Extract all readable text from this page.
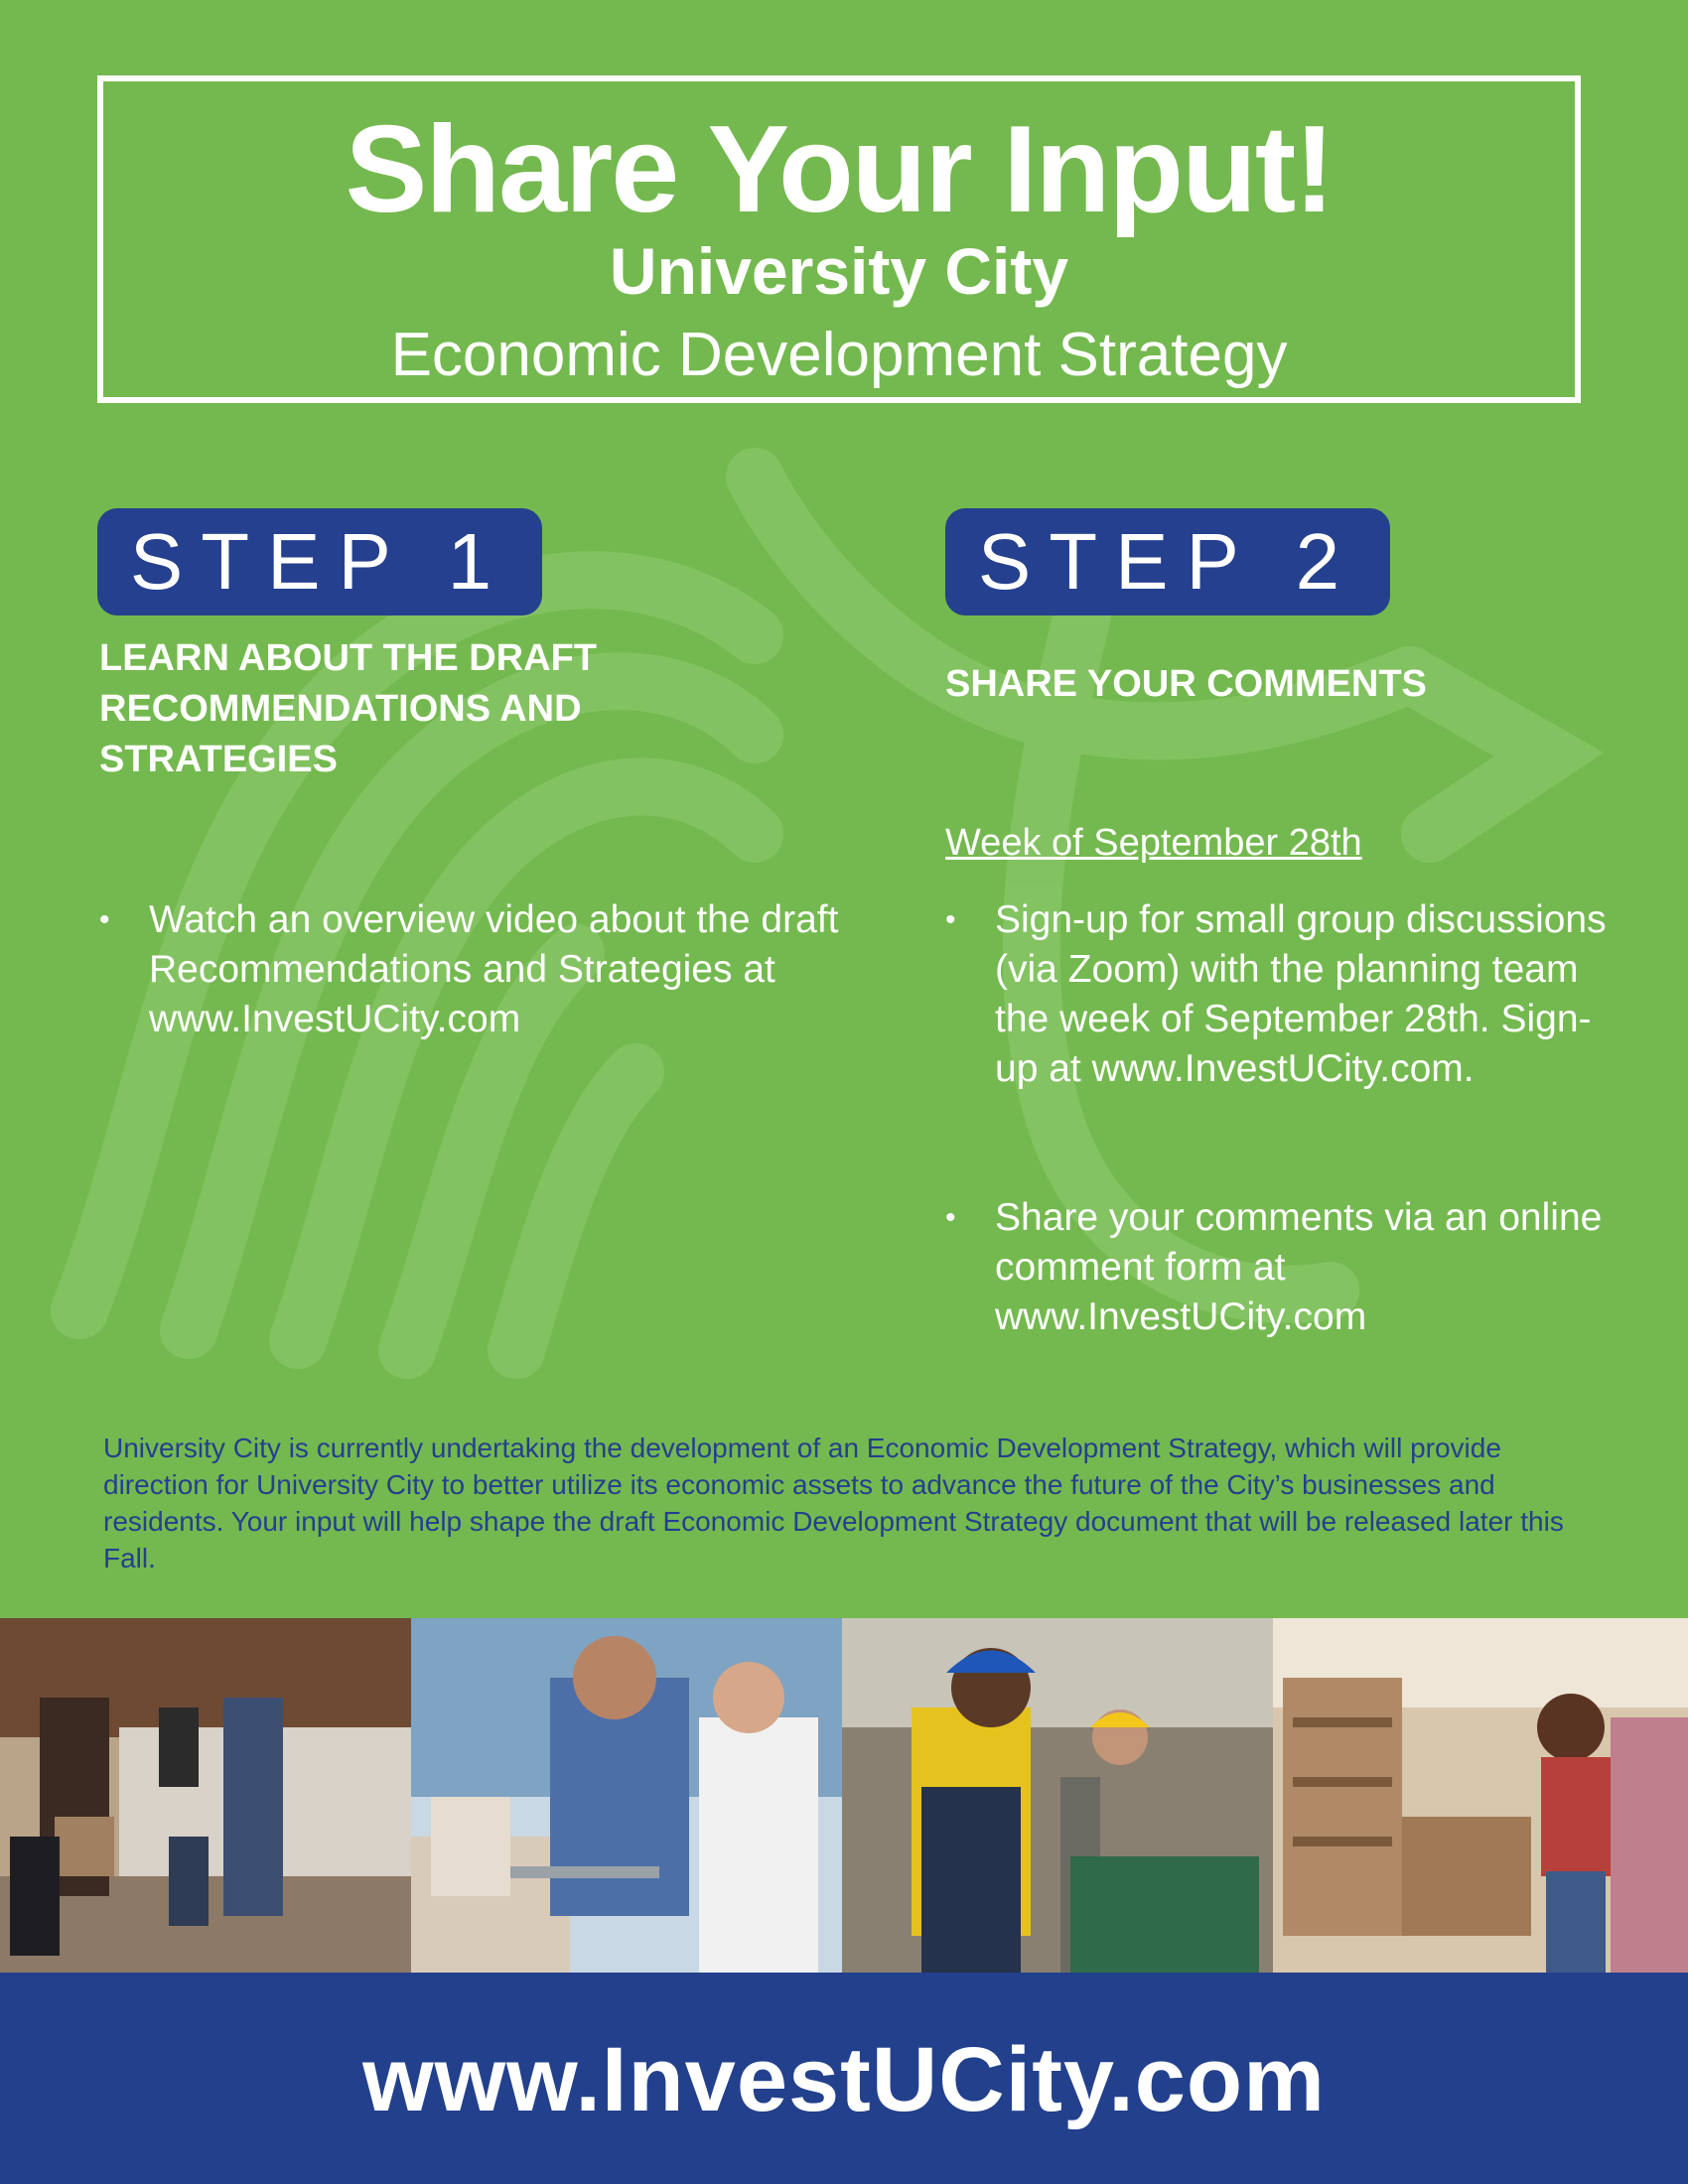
Share Your Input!
University City
Economic Development Strategy
STEP 1
LEARN ABOUT THE DRAFT RECOMMENDATIONS AND STRATEGIES
• Watch an overview video about the draft Recommendations and Strategies at www.InvestUCity.com
STEP 2
SHARE YOUR COMMENTS
Week of September 28th
• Sign-up for small group discussions (via Zoom) with the planning team the week of September 28th. Sign-up at www.InvestUCity.com.
• Share your comments via an online comment form at www.InvestUCity.com
University City is currently undertaking the development of an Economic Development Strategy, which will provide direction for University City to better utilize its economic assets to advance the future of the City’s businesses and residents. Your input will help shape the draft Economic Development Strategy document that will be released later this Fall.
www.InvestUCity.com
